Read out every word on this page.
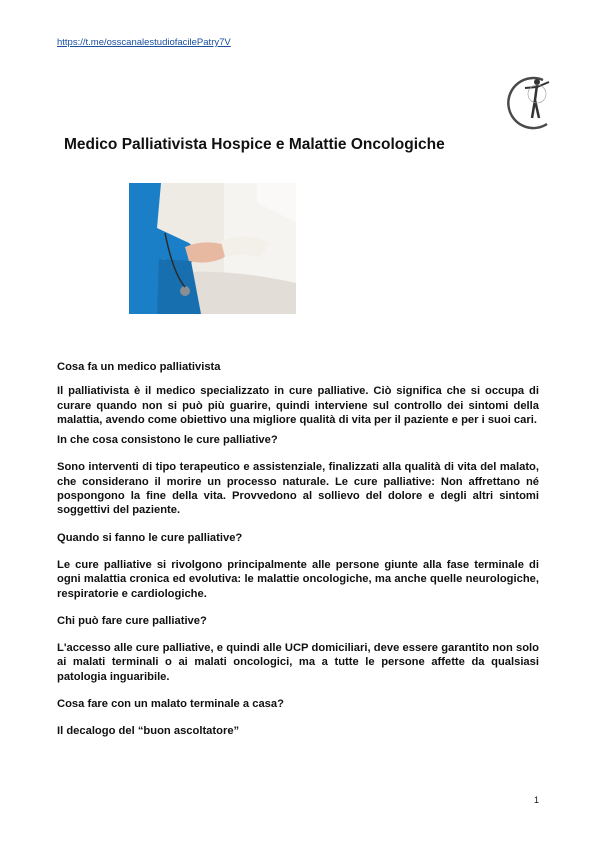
https://t.me/osscanalestudiofacilePatry7V
Medico Palliativista Hospice e Malattie Oncologiche

Cosa fa un medico palliativista

Il palliativista è il medico specializzato in cure palliative. Ciò significa che si occupa di curare quando non si può più guarire, quindi interviene sul controllo dei sintomi della malattia, avendo come obiettivo una migliore qualità di vita per il paziente e per i suoi cari.

In che cosa consistono le cure palliative?

Sono interventi di tipo terapeutico e assistenziale, finalizzati alla qualità di vita del malato, che considerano il morire un processo naturale. Le cure palliative: Non affrettano né pospongono la fine della vita. Provvedono al sollievo del dolore e degli altri sintomi soggettivi del paziente.

Quando si fanno le cure palliative?

Le cure palliative si rivolgono principalmente alle persone giunte alla fase terminale di ogni malattia cronica ed evolutiva: le malattie oncologiche, ma anche quelle neurologiche, respiratorie e cardiologiche.

Chi può fare cure palliative?

L'accesso alle cure palliative, e quindi alle UCP domiciliari, deve essere garantito non solo ai malati terminali o ai malati oncologici, ma a tutte le persone affette da qualsiasi patologia inguaribile.

Cosa fare con un malato terminale a casa?

Il decalogo del “buon ascoltatore”

1
